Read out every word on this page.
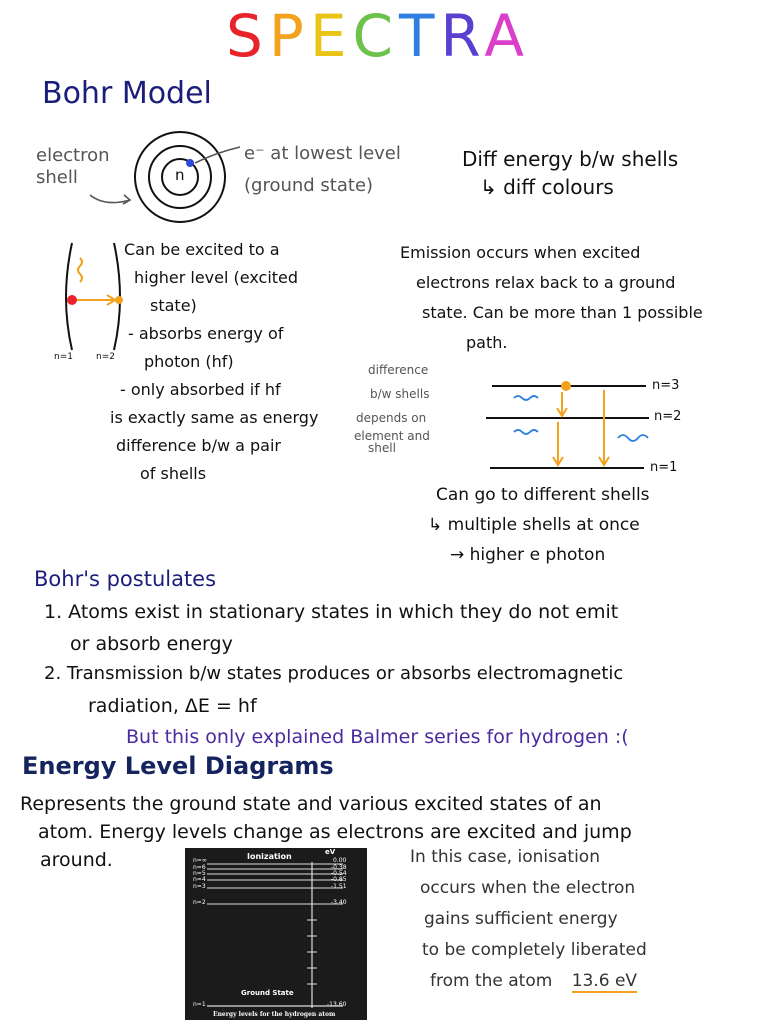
SPECTRA
Bohr Model
electron shell	n
e⁻ at lowest level (ground state)
Diff energy b/w shells
↳ diff colours
n=1	n=2
Can be excited to a
higher level (excited
state)
- absorbs energy of
photon (hf)
- only absorbed if hf
is exactly same as energy
difference b/w a pair
of shells
Emission occurs when excited
electrons relax back to a ground
state. Can be more than 1 possible
path.
difference
b/w shells
depends on
element and
shell
n=3
n=2
n=1
Can go to different shells
↳ multiple shells at once
→ higher e photon
Bohr's postulates
1. Atoms exist in stationary states in which they do not emit
or absorb energy
2. Transmission b/w states produces or absorbs electromagnetic
radiation, ΔE = hf
But this only explained Balmer series for hydrogen :(
Energy Level Diagrams
Represents the ground state and various excited states of an
atom. Energy levels change as electrons are excited and jump
around.	Ionization	eV
n=∞
n=6
n=5
n=4
n=3
n=2
n=1
0.00
-0.38
-0.54
-0.85
-1.51
-3.40
-13.60
Ground State
Energy levels for the hydrogen atom
In this case, ionisation
occurs when the electron
gains sufficient energy
to be completely liberated
from the atom 13.6 eV
